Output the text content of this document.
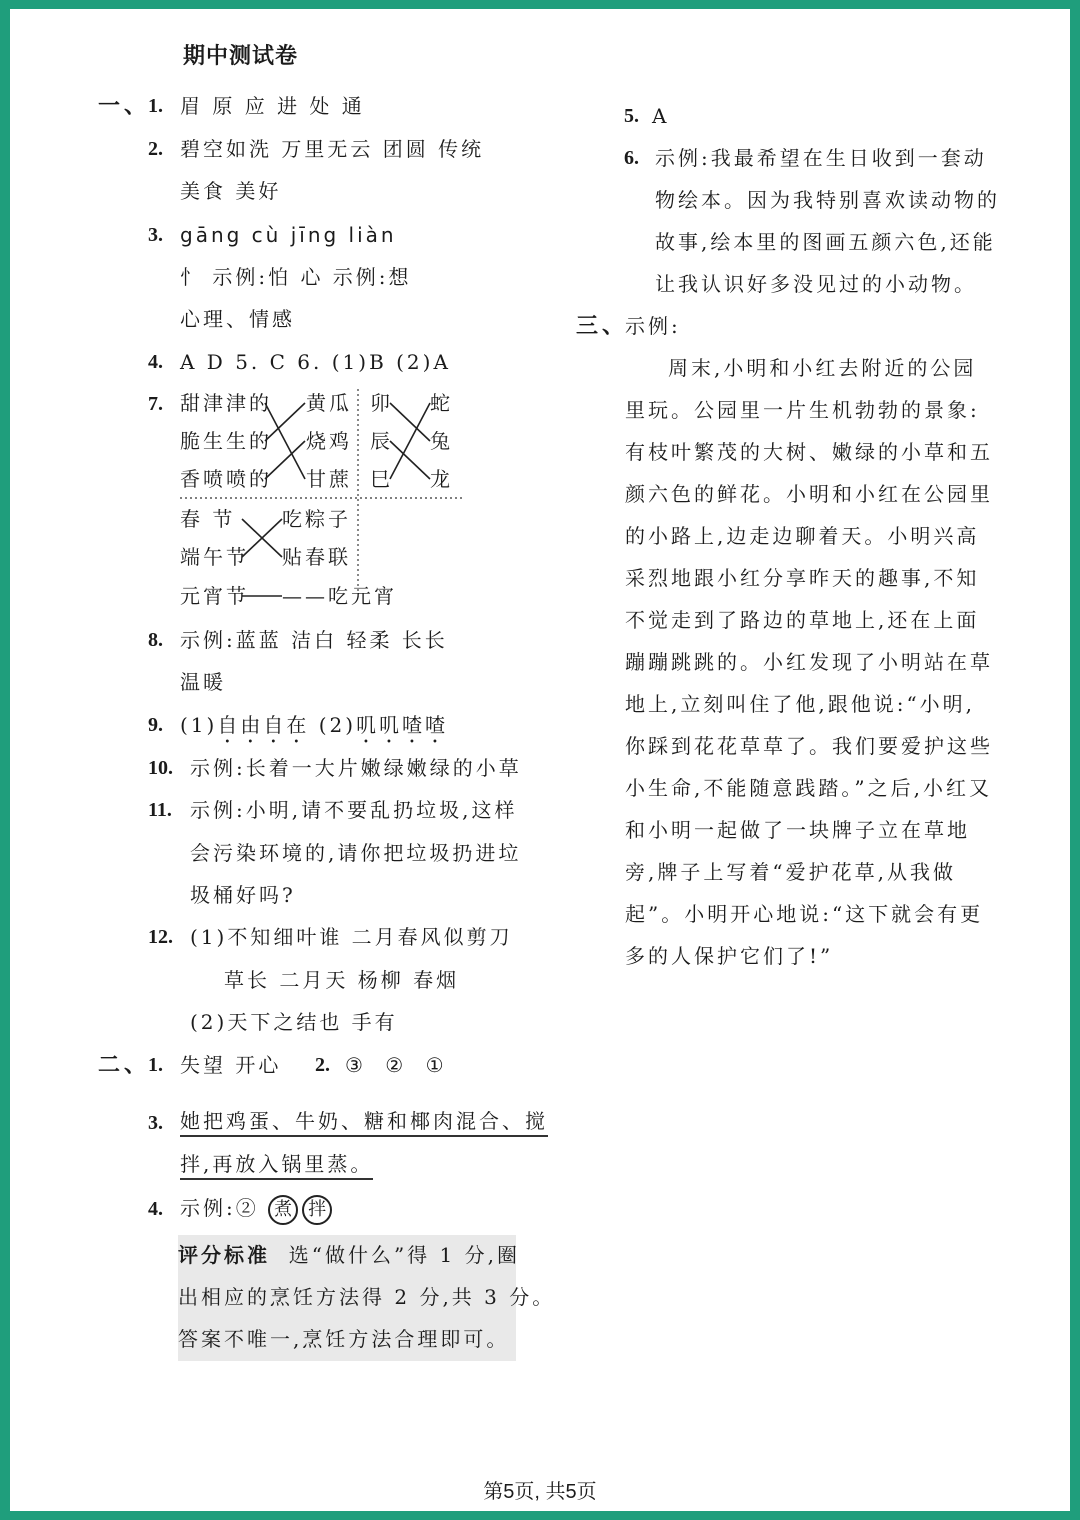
期中测试卷
一、
1. 眉 原 应 进 处 通
2. 碧空如洗 万里无云 团圆 传统
美食 美好
3. gāng cù jīng liàn
忄 示例:怕 心 示例:想
心理、情感
4. A D 5. C 6. (1)B (2)A
7. 甜津津的
脆生生的
香喷喷的
黄瓜
烧鸡
甘蔗
卯
辰
巳
蛇
兔
龙
春 节
端午节
元宵节
吃粽子
贴春联
——吃元宵
8. 示例:蓝蓝 洁白 轻柔 长长
温暖
9. (1)自由自在 (2)叽叽喳喳
10. 示例:长着一大片嫩绿嫩绿的小草
11. 示例:小明,请不要乱扔垃圾,这样
会污染环境的,请你把垃圾扔进垃
圾桶好吗?
12. (1)不知细叶谁 二月春风似剪刀
草长 二月天 杨柳 春烟
(2)天下之结也 手有
二、
1. 失望 开心 2. ③ ② ①
3. 她把鸡蛋、牛奶、糖和椰肉混合、搅
拌,再放入锅里蒸。
4. 示例:② 煮 拌
评分标准 选“做什么”得 1 分,圈
出相应的烹饪方法得 2 分,共 3 分。
答案不唯一,烹饪方法合理即可。
5. A
6. 示例:我最希望在生日收到一套动
物绘本。因为我特别喜欢读动物的
故事,绘本里的图画五颜六色,还能
让我认识好多没见过的小动物。
三、
示例:
周末,小明和小红去附近的公园
里玩。公园里一片生机勃勃的景象:
有枝叶繁茂的大树、嫩绿的小草和五
颜六色的鲜花。小明和小红在公园里
的小路上,边走边聊着天。小明兴高
采烈地跟小红分享昨天的趣事,不知
不觉走到了路边的草地上,还在上面
蹦蹦跳跳的。小红发现了小明站在草
地上,立刻叫住了他,跟他说:“小明,
你踩到花花草草了。我们要爱护这些
小生命,不能随意践踏。”之后,小红又
和小明一起做了一块牌子立在草地
旁,牌子上写着“爱护花草,从我做
起”。小明开心地说:“这下就会有更
多的人保护它们了!”
第5页, 共5页
